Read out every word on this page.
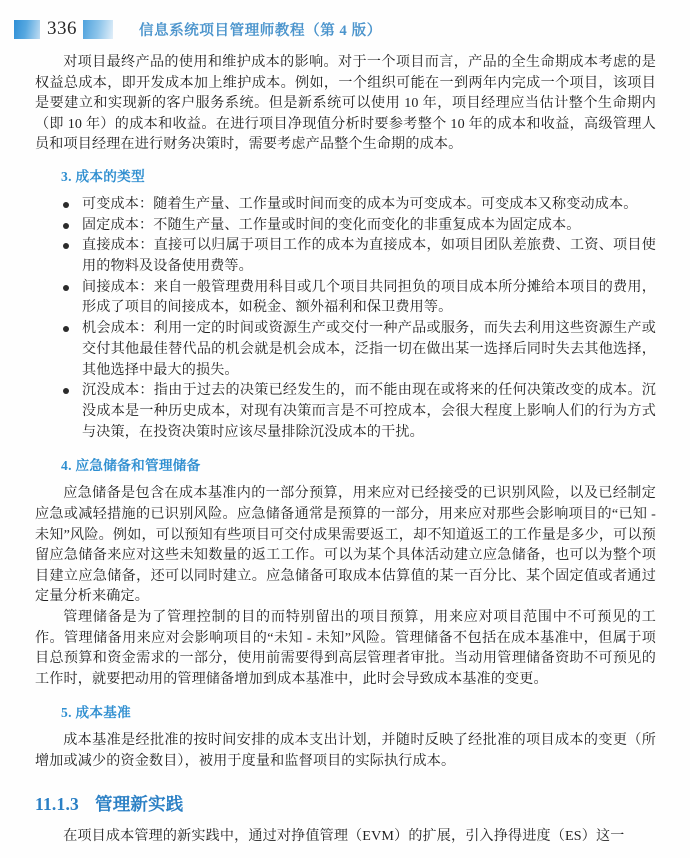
336	信息系统项目管理师教程（第 4 版）

对项目最终产品的使用和维护成本的影响。对于一个项目而言，产品的全生命期成本考虑的是权益总成本，即开发成本加上维护成本。例如，一个组织可能在一到两年内完成一个项目，该项目是要建立和实现新的客户服务系统。但是新系统可以使用 10 年，项目经理应当估计整个生命期内（即 10 年）的成本和收益。在进行项目净现值分析时要参考整个 10 年的成本和收益，高级管理人员和项目经理在进行财务决策时，需要考虑产品整个生命期的成本。

3. 成本的类型
可变成本：随着生产量、工作量或时间而变的成本为可变成本。可变成本又称变动成本。
固定成本：不随生产量、工作量或时间的变化而变化的非重复成本为固定成本。
直接成本：直接可以归属于项目工作的成本为直接成本，如项目团队差旅费、工资、项目使用的物料及设备使用费等。
间接成本：来自一般管理费用科目或几个项目共同担负的项目成本所分摊给本项目的费用，形成了项目的间接成本，如税金、额外福利和保卫费用等。
机会成本：利用一定的时间或资源生产或交付一种产品或服务，而失去利用这些资源生产或交付其他最佳替代品的机会就是机会成本，泛指一切在做出某一选择后同时失去其他选择，其他选择中最大的损失。
沉没成本：指由于过去的决策已经发生的，而不能由现在或将来的任何决策改变的成本。沉没成本是一种历史成本，对现有决策而言是不可控成本，会很大程度上影响人们的行为方式与决策，在投资决策时应该尽量排除沉没成本的干扰。
4. 应急储备和管理储备

应急储备是包含在成本基准内的一部分预算，用来应对已经接受的已识别风险，以及已经制定应急或减轻措施的已识别风险。应急储备通常是预算的一部分，用来应对那些会影响项目的“已知 - 未知”风险。例如，可以预知有些项目可交付成果需要返工，却不知道返工的工作量是多少，可以预留应急储备来应对这些未知数量的返工工作。可以为某个具体活动建立应急储备，也可以为整个项目建立应急储备，还可以同时建立。应急储备可取成本估算值的某一百分比、某个固定值或者通过定量分析来确定。

管理储备是为了管理控制的目的而特别留出的项目预算，用来应对项目范围中不可预见的工作。管理储备用来应对会影响项目的“未知 - 未知”风险。管理储备不包括在成本基准中，但属于项目总预算和资金需求的一部分，使用前需要得到高层管理者审批。当动用管理储备资助不可预见的工作时，就要把动用的管理储备增加到成本基准中，此时会导致成本基准的变更。

5. 成本基准

成本基准是经批准的按时间安排的成本支出计划，并随时反映了经批准的项目成本的变更（所增加或减少的资金数目），被用于度量和监督项目的实际执行成本。

11.1.3 管理新实践

在项目成本管理的新实践中，通过对挣值管理（EVM）的扩展，引入挣得进度（ES）这一
